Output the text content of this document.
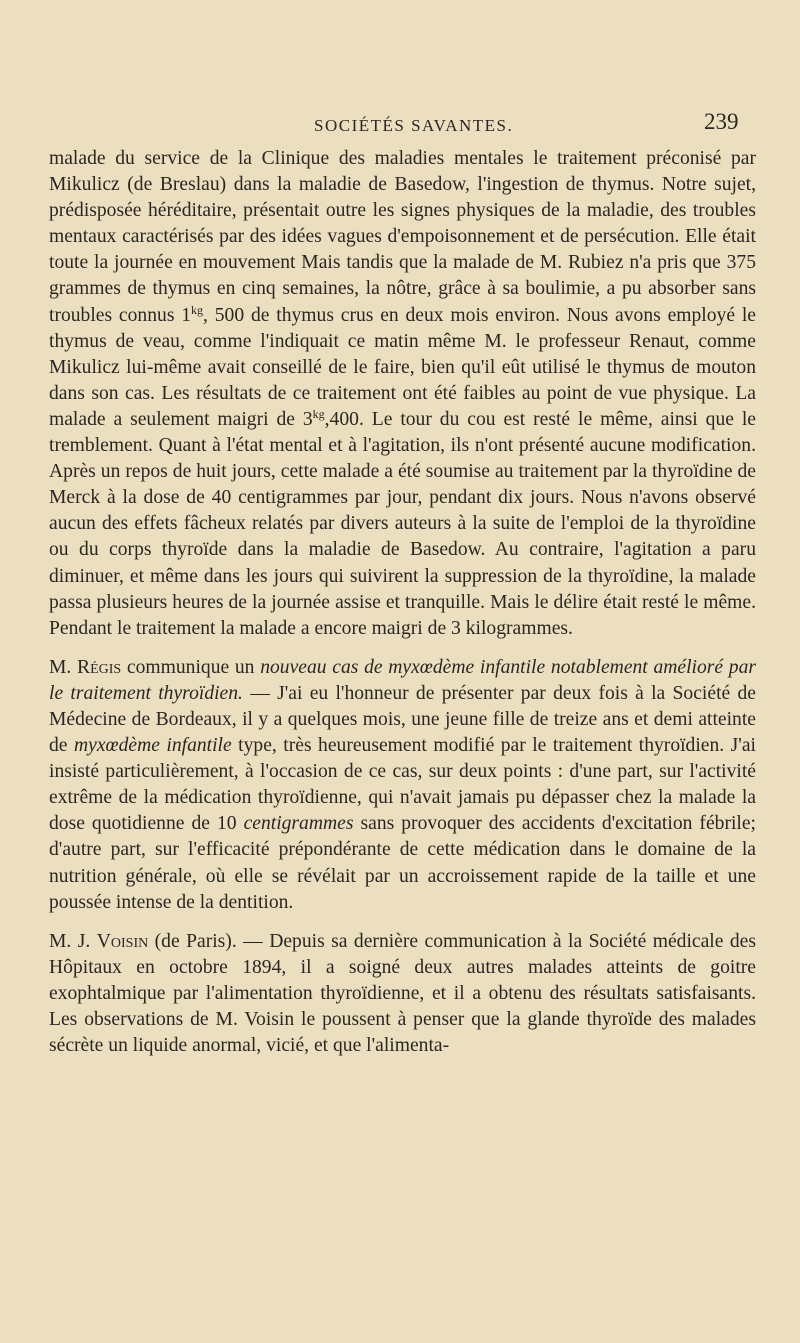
SOCIÉTÉS SAVANTES.	239

malade du service de la Clinique des maladies mentales le traitement préconisé par Mikulicz (de Breslau) dans la maladie de Basedow, l'ingestion de thymus. Notre sujet, prédisposée héréditaire, présentait outre les signes physiques de la maladie, des troubles mentaux caractérisés par des idées vagues d'empoisonnement et de persécution. Elle était toute la journée en mouvement Mais tandis que la malade de M. Rubiez n'a pris que 375 grammes de thymus en cinq semaines, la nôtre, grâce à sa boulimie, a pu absorber sans troubles connus $1^{kg}$, 500 de thymus crus en deux mois environ. Nous avons employé le thymus de veau, comme l'indiquait ce matin même M. le professeur Renaut, comme Mikulicz lui-même avait conseillé de le faire, bien qu'il eût utilisé le thymus de mouton dans son cas. Les résultats de ce traitement ont été faibles au point de vue physique. La malade a seulement maigri de $3^{kg},400$. Le tour du cou est resté le même, ainsi que le tremblement. Quant à l'état mental et à l'agitation, ils n'ont présenté aucune modification. Après un repos de huit jours, cette malade a été soumise au traitement par la thyroïdine de Merck à la dose de 40 centigrammes par jour, pendant dix jours. Nous n'avons observé aucun des effets fâcheux relatés par divers auteurs à la suite de l'emploi de la thyroïdine ou du corps thyroïde dans la maladie de Basedow. Au contraire, l'agitation a paru diminuer, et même dans les jours qui suivirent la suppression de la thyroïdine, la malade passa plusieurs heures de la journée assise et tranquille. Mais le délire était resté le même. Pendant le traitement la malade a encore maigri de 3 kilogrammes.

M. Régis communique un nouveau cas de myxœdème infantile notablement amélioré par le traitement thyroïdien. — J'ai eu l'honneur de présenter par deux fois à la Société de Médecine de Bordeaux, il y a quelques mois, une jeune fille de treize ans et demi atteinte de myxœdème infantile type, très heureusement modifié par le traitement thyroïdien. J'ai insisté particulièrement, à l'occasion de ce cas, sur deux points : d'une part, sur l'activité extrême de la médication thyroïdienne, qui n'avait jamais pu dépasser chez la malade la dose quotidienne de 10 centigrammes sans provoquer des accidents d'excitation fébrile; d'autre part, sur l'efficacité prépondérante de cette médication dans le domaine de la nutrition générale, où elle se révélait par un accroissement rapide de la taille et une poussée intense de la dentition.

M. J. Voisin (de Paris). — Depuis sa dernière communication à la Société médicale des Hôpitaux en octobre 1894, il a soigné deux autres malades atteints de goitre exophtalmique par l'alimentation thyroïdienne, et il a obtenu des résultats satisfaisants. Les observations de M. Voisin le poussent à penser que la glande thyroïde des malades sécrète un liquide anormal, vicié, et que l'alimenta-
